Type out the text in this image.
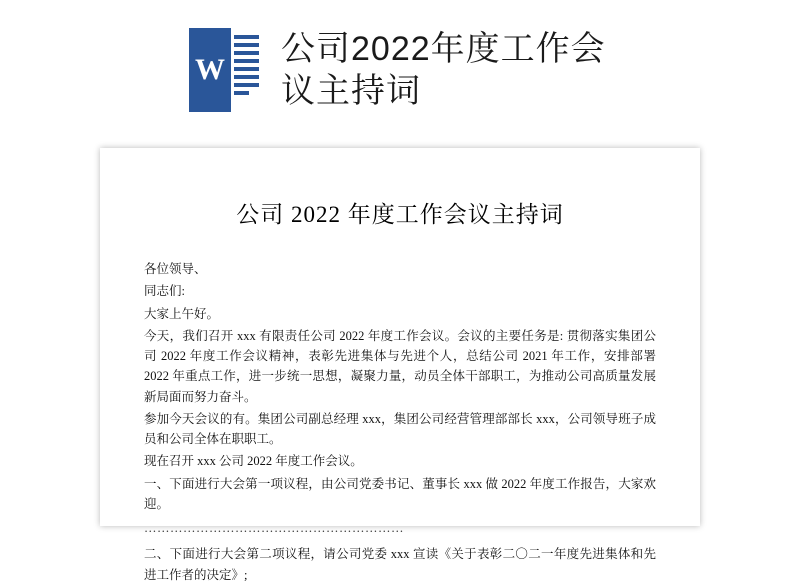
W
公司2022年度工作会议主持词
公司 2022 年度工作会议主持词

各位领导、

同志们:

大家上午好。

今天，我们召开 xxx 有限责任公司 2022 年度工作会议。会议的主要任务是: 贯彻落实集团公司 2022 年度工作会议精神，表彰先进集体与先进个人，总结公司 2021 年工作，安排部署 2022 年重点工作，进一步统一思想，凝聚力量，动员全体干部职工，为推动公司高质量发展新局面而努力奋斗。

参加今天会议的有。集团公司副总经理 xxx，集团公司经营管理部部长 xxx，公司领导班子成员和公司全体在职职工。

现在召开 xxx 公司 2022 年度工作会议。

一、下面进行大会第一项议程，由公司党委书记、董事长 xxx 做 2022 年度工作报告，大家欢迎。

……………………………………………………

二、下面进行大会第二项议程，请公司党委 xxx 宣读《关于表彰二〇二一年度先进集体和先进工作者的决定》;
